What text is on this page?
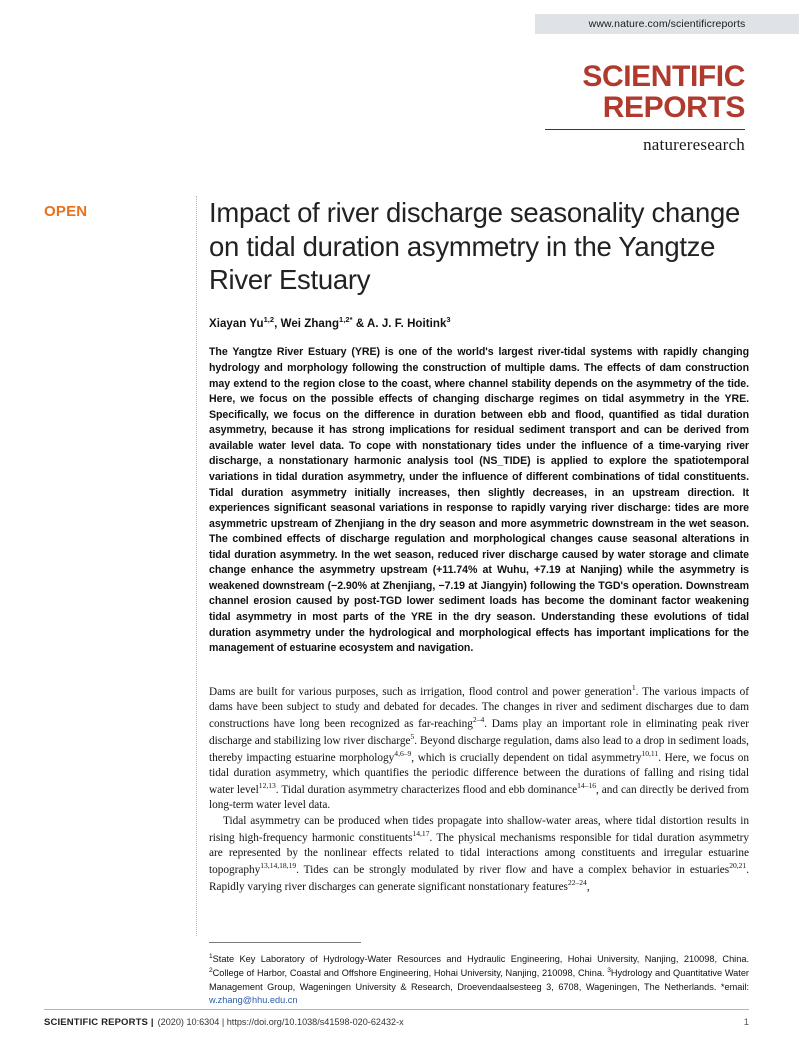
www.nature.com/scientificreports
SCIENTIFIC
REPORTS
natureresearch
OPEN	Impact of river discharge seasonality change on tidal duration asymmetry in the Yangtze River Estuary
Xiayan Yu$^{1,2}$, Wei Zhang$^{1,2*}$ & A. J. F. Hoitink$^3$
The Yangtze River Estuary (YRE) is one of the world's largest river-tidal systems with rapidly changing hydrology and morphology following the construction of multiple dams. The effects of dam construction may extend to the region close to the coast, where channel stability depends on the asymmetry of the tide. Here, we focus on the possible effects of changing discharge regimes on tidal asymmetry in the YRE. Specifically, we focus on the difference in duration between ebb and flood, quantified as tidal duration asymmetry, because it has strong implications for residual sediment transport and can be derived from available water level data. To cope with nonstationary tides under the influence of a time-varying river discharge, a nonstationary harmonic analysis tool (NS_TIDE) is applied to explore the spatiotemporal variations in tidal duration asymmetry, under the influence of different combinations of tidal constituents. Tidal duration asymmetry initially increases, then slightly decreases, in an upstream direction. It experiences significant seasonal variations in response to rapidly varying river discharge: tides are more asymmetric upstream of Zhenjiang in the dry season and more asymmetric downstream in the wet season. The combined effects of discharge regulation and morphological changes cause seasonal alterations in tidal duration asymmetry. In the wet season, reduced river discharge caused by water storage and climate change enhance the asymmetry upstream (+11.74% at Wuhu, +7.19 at Nanjing) while the asymmetry is weakened downstream (−2.90% at Zhenjiang, −7.19 at Jiangyin) following the TGD's operation. Downstream channel erosion caused by post-TGD lower sediment loads has become the dominant factor weakening tidal asymmetry in most parts of the YRE in the dry season. Understanding these evolutions of tidal duration asymmetry under the hydrological and morphological effects has important implications for the management of estuarine ecosystem and navigation.

Dams are built for various purposes, such as irrigation, flood control and power generation$^1$. The various impacts of dams have been subject to study and debated for decades. The changes in river and sediment discharges due to dam constructions have long been recognized as far-reaching$^{2-4}$. Dams play an important role in eliminating peak river discharge and stabilizing low river discharge$^5$. Beyond discharge regulation, dams also lead to a drop in sediment loads, thereby impacting estuarine morphology$^{4,6-9}$, which is crucially dependent on tidal asymmetry$^{10,11}$. Here, we focus on tidal duration asymmetry, which quantifies the periodic difference between the durations of falling and rising tidal water level$^{12,13}$. Tidal duration asymmetry characterizes flood and ebb dominance$^{14-16}$, and can directly be derived from long-term water level data.

Tidal asymmetry can be produced when tides propagate into shallow-water areas, where tidal distortion results in rising high-frequency harmonic constituents$^{14,17}$. The physical mechanisms responsible for tidal duration asymmetry are represented by the nonlinear effects related to tidal interactions among constituents and irregular estuarine topography$^{13,14,18,19}$. Tides can be strongly modulated by river flow and have a complex behavior in estuaries$^{20,21}$. Rapidly varying river discharges can generate significant nonstationary features$^{22-24}$,

$^1$State Key Laboratory of Hydrology-Water Resources and Hydraulic Engineering, Hohai University, Nanjing, 210098, China. $^2$College of Harbor, Coastal and Offshore Engineering, Hohai University, Nanjing, 210098, China. $^3$Hydrology and Quantitative Water Management Group, Wageningen University & Research, Droevendaalsesteeg 3, 6708, Wageningen, The Netherlands. *email: w.zhang@hhu.edu.cn
SCIENTIFIC REPORTS | (2020) 10:6304 | https://doi.org/10.1038/s41598-020-62432-x	1
